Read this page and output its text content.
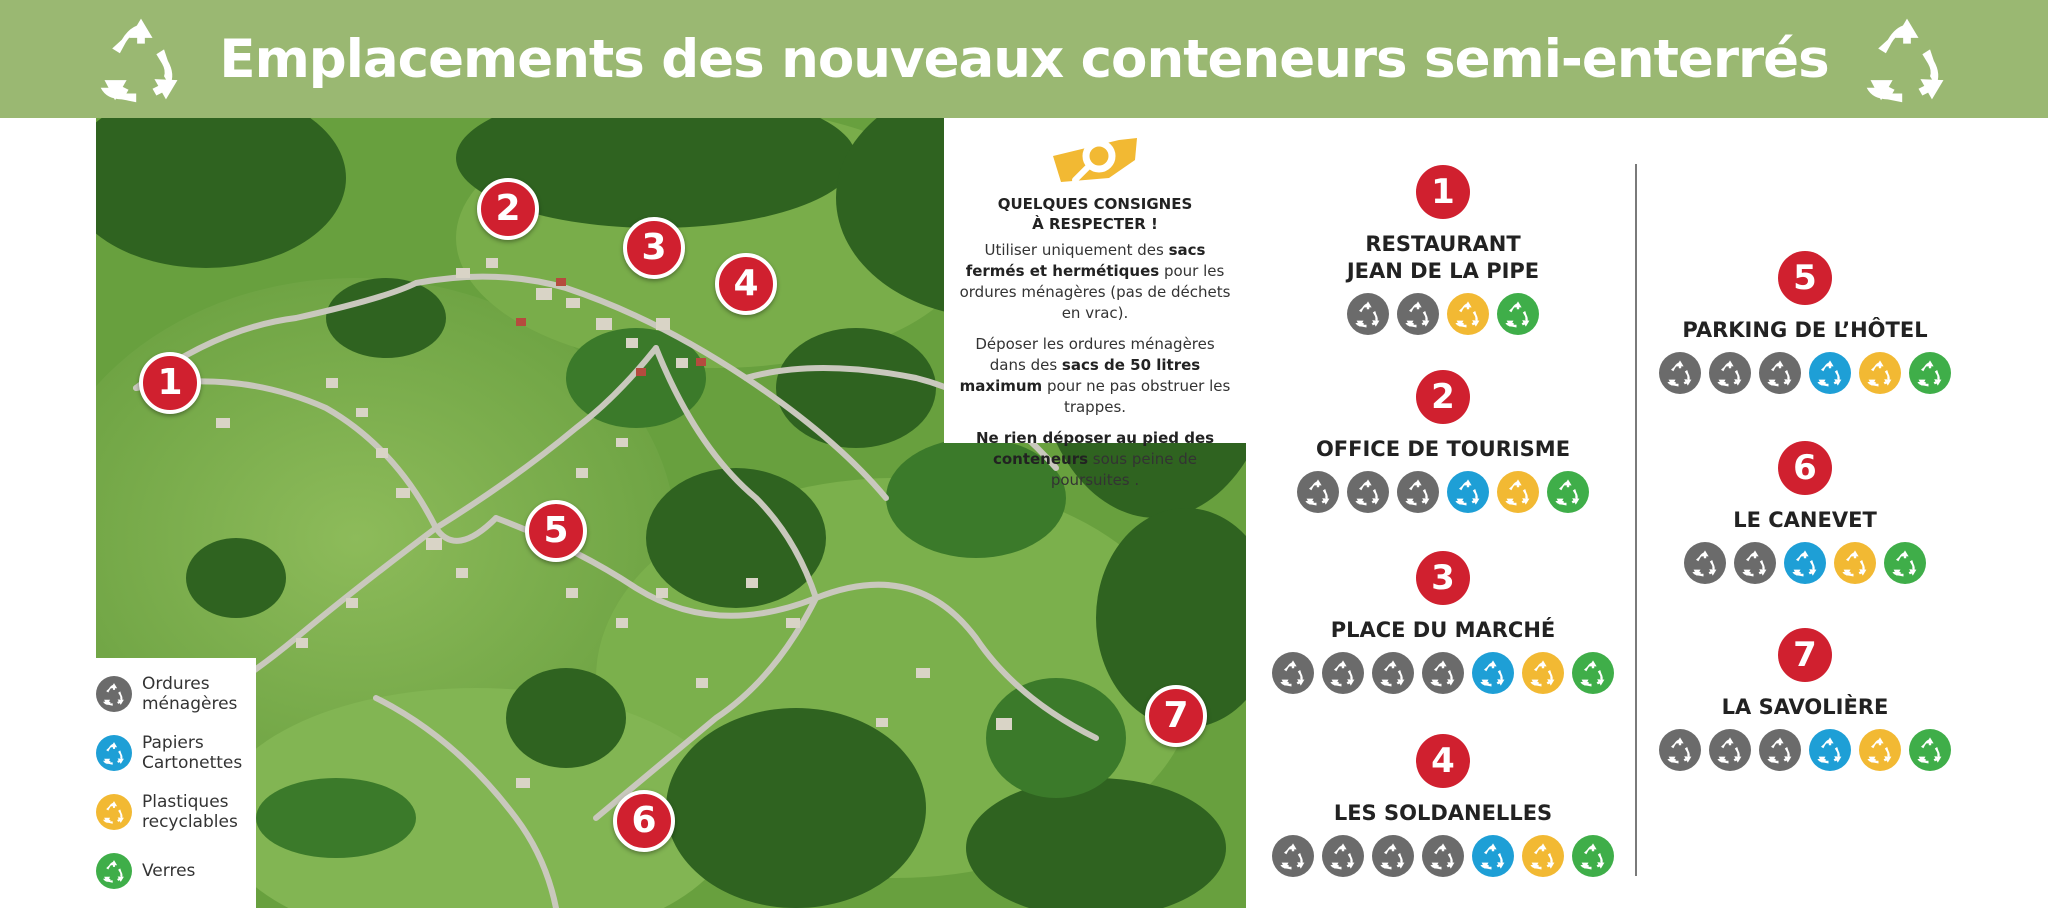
Emplacements des nouveaux conteneurs semi-enterrés
1
2
3
4
5
6
7
QUELQUES CONSIGNES
À RESPECTER !

Utiliser uniquement des sacs fermés et hermétiques pour les ordures ménagères (pas de déchets en vrac).

Déposer les ordures ménagères dans des sacs de 50 litres maximum pour ne pas obstruer les trappes.

Ne rien déposer au pied des conteneurs sous peine de poursuites .

Ordures
ménagères
Papiers
Cartonettes
Plastiques
recyclables
Verres
1
RESTAURANT
JEAN DE LA PIPE
2
OFFICE DE TOURISME
3
PLACE DU MARCHÉ
4
LES SOLDANELLES
5
PARKING DE L’HÔTEL
6
LE CANEVET
7
LA SAVOLIÈRE
